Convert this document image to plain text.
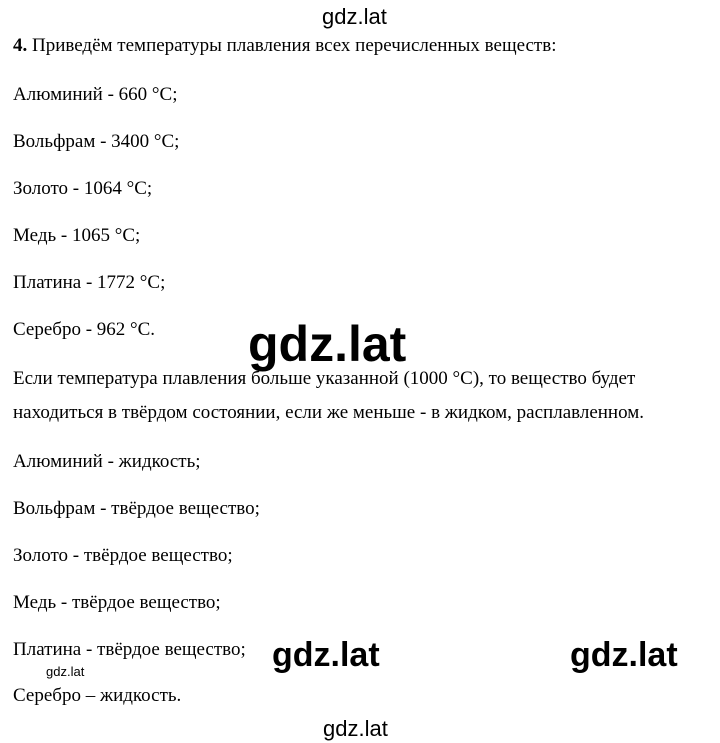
gdz.lat
4. Приведём температуры плавления всех перечисленных веществ:
Алюминий - 660 °C;
Вольфрам - 3400 °C;
Золото - 1064 °C;
Медь - 1065 °C;
Платина - 1772 °C;
Серебро - 962 °C. gdz.lat
Если температура плавления больше указанной (1000 °C), то вещество будет
находиться в твёрдом состоянии, если же меньше - в жидком, расплавленном.
Алюминий - жидкость;
Вольфрам - твёрдое вещество;
Золото - твёрдое вещество;
Медь - твёрдое вещество;
Платина - твёрдое вещество; gdz.lat	gdz.lat
gdz.lat
Серебро – жидкость.
gdz.lat
